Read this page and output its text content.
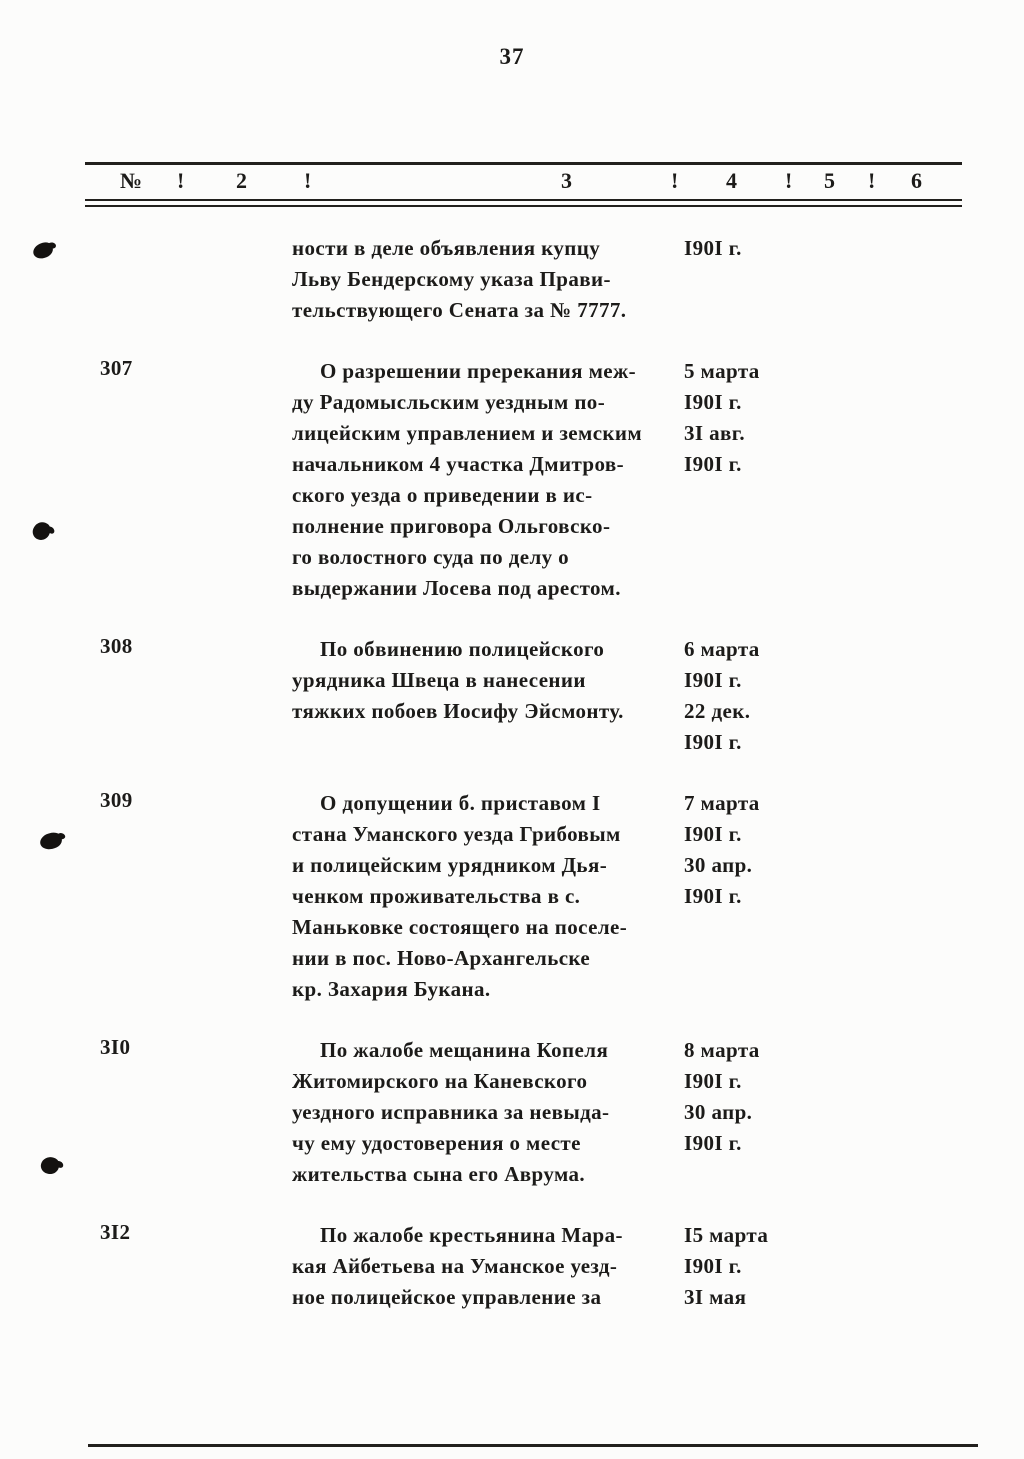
37
№ ! 2	!	3	! 4 ! 5 ! 6
ности в деле объявления купцу	I90I г.
Льву Бендерскому указа Прави-
тельствующего Сената за № 7777.
307	О разрешении пререкания меж-	5 марта
ду Радомысльским уездным по-	I90I г.
лицейским управлением и земским	3I авг.
начальником 4 участка Дмитров-	I90I г.
ского уезда о приведении в ис-
полнение приговора Ольговско-
го волостного суда по делу о
выдержании Лосева под арестом.
308	По обвинению полицейского	6 марта
урядника Швеца в нанесении	I90I г.
тяжких побоев Иосифу Эйсмонту.	22 дек.
I90I г.
309	О допущении б. приставом I	7 марта
стана Уманского уезда Грибовым	I90I г.
и полицейским урядником Дья-	30 апр.
ченком проживательства в с.	I90I г.
Маньковке состоящего на поселе-
нии в пос. Ново-Архангельске
кр. Захария Букана.
3I0	По жалобе мещанина Копеля	8 марта
Житомирского на Каневского	I90I г.
уездного исправника за невыда-	30 апр.
чу ему удостоверения о месте	I90I г.
жительства сына его Аврума.
3I2	По жалобе крестьянина Мара-	I5 марта
кая Айбетьева на Уманское уезд-	I90I г.
ное полицейское управление за	3I мая
